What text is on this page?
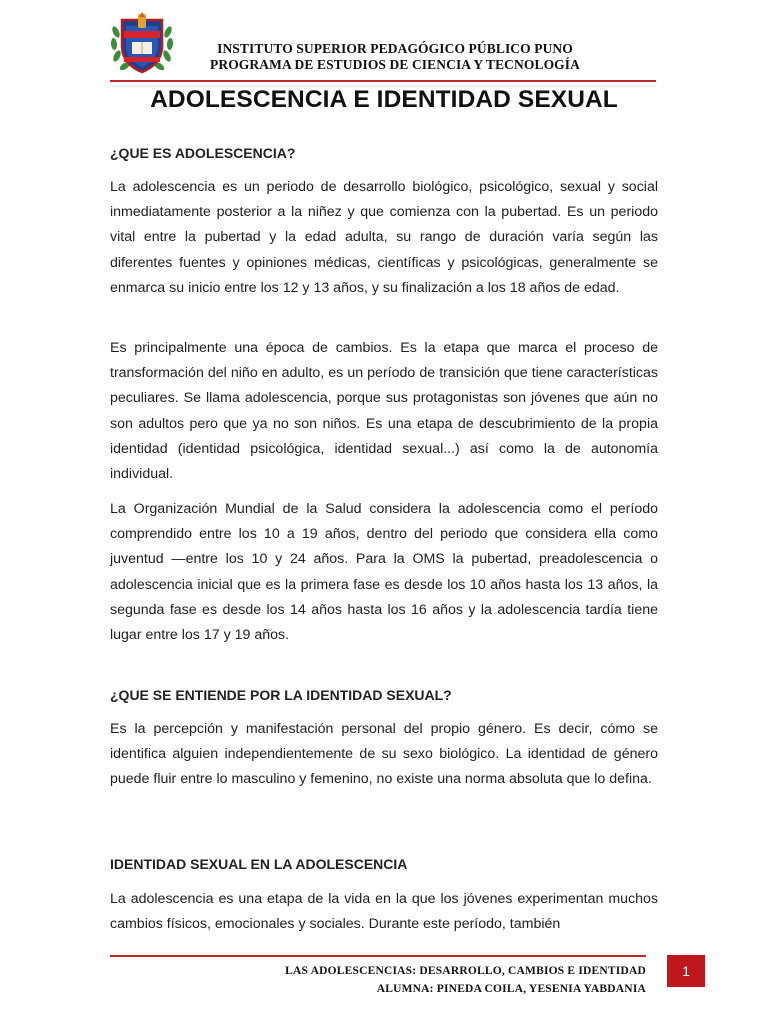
INSTITUTO SUPERIOR PEDAGÓGICO PÚBLICO PUNO
PROGRAMA DE ESTUDIOS DE CIENCIA Y TECNOLOGÍA
ADOLESCENCIA E IDENTIDAD SEXUAL
¿QUE ES ADOLESCENCIA?

La adolescencia es un periodo de desarrollo biológico, psicológico, sexual y social inmediatamente posterior a la niñez y que comienza con la pubertad. Es un periodo vital entre la pubertad y la edad adulta, su rango de duración varía según las diferentes fuentes y opiniones médicas, científicas y psicológicas, generalmente se enmarca su inicio entre los 12 y 13 años, y su finalización a los 18 años de edad.

Es principalmente una época de cambios. Es la etapa que marca el proceso de transformación del niño en adulto, es un período de transición que tiene características peculiares. Se llama adolescencia, porque sus protagonistas son jóvenes que aún no son adultos pero que ya no son niños. Es una etapa de descubrimiento de la propia identidad (identidad psicológica, identidad sexual...) así como la de autonomía individual.

La Organización Mundial de la Salud considera la adolescencia como el período comprendido entre los 10 a 19 años, dentro del periodo que considera ella como juventud —entre los 10 y 24 años. Para la OMS la pubertad, preadolescencia o adolescencia inicial que es la primera fase es desde los 10 años hasta los 13 años, la segunda fase es desde los 14 años hasta los 16 años y la adolescencia tardía tiene lugar entre los 17 y 19 años.

¿QUE SE ENTIENDE POR LA IDENTIDAD SEXUAL?

Es la percepción y manifestación personal del propio género. Es decir, cómo se identifica alguien independientemente de su sexo biológico. La identidad de género puede fluir entre lo masculino y femenino, no existe una norma absoluta que lo defina.

IDENTIDAD SEXUAL EN LA ADOLESCENCIA

La adolescencia es una etapa de la vida en la que los jóvenes experimentan muchos cambios físicos, emocionales y sociales. Durante este período, también

LAS ADOLESCENCIAS: DESARROLLO, CAMBIOS E IDENTIDAD
ALUMNA: PINEDA COILA, YESENIA YABDANIA
1
